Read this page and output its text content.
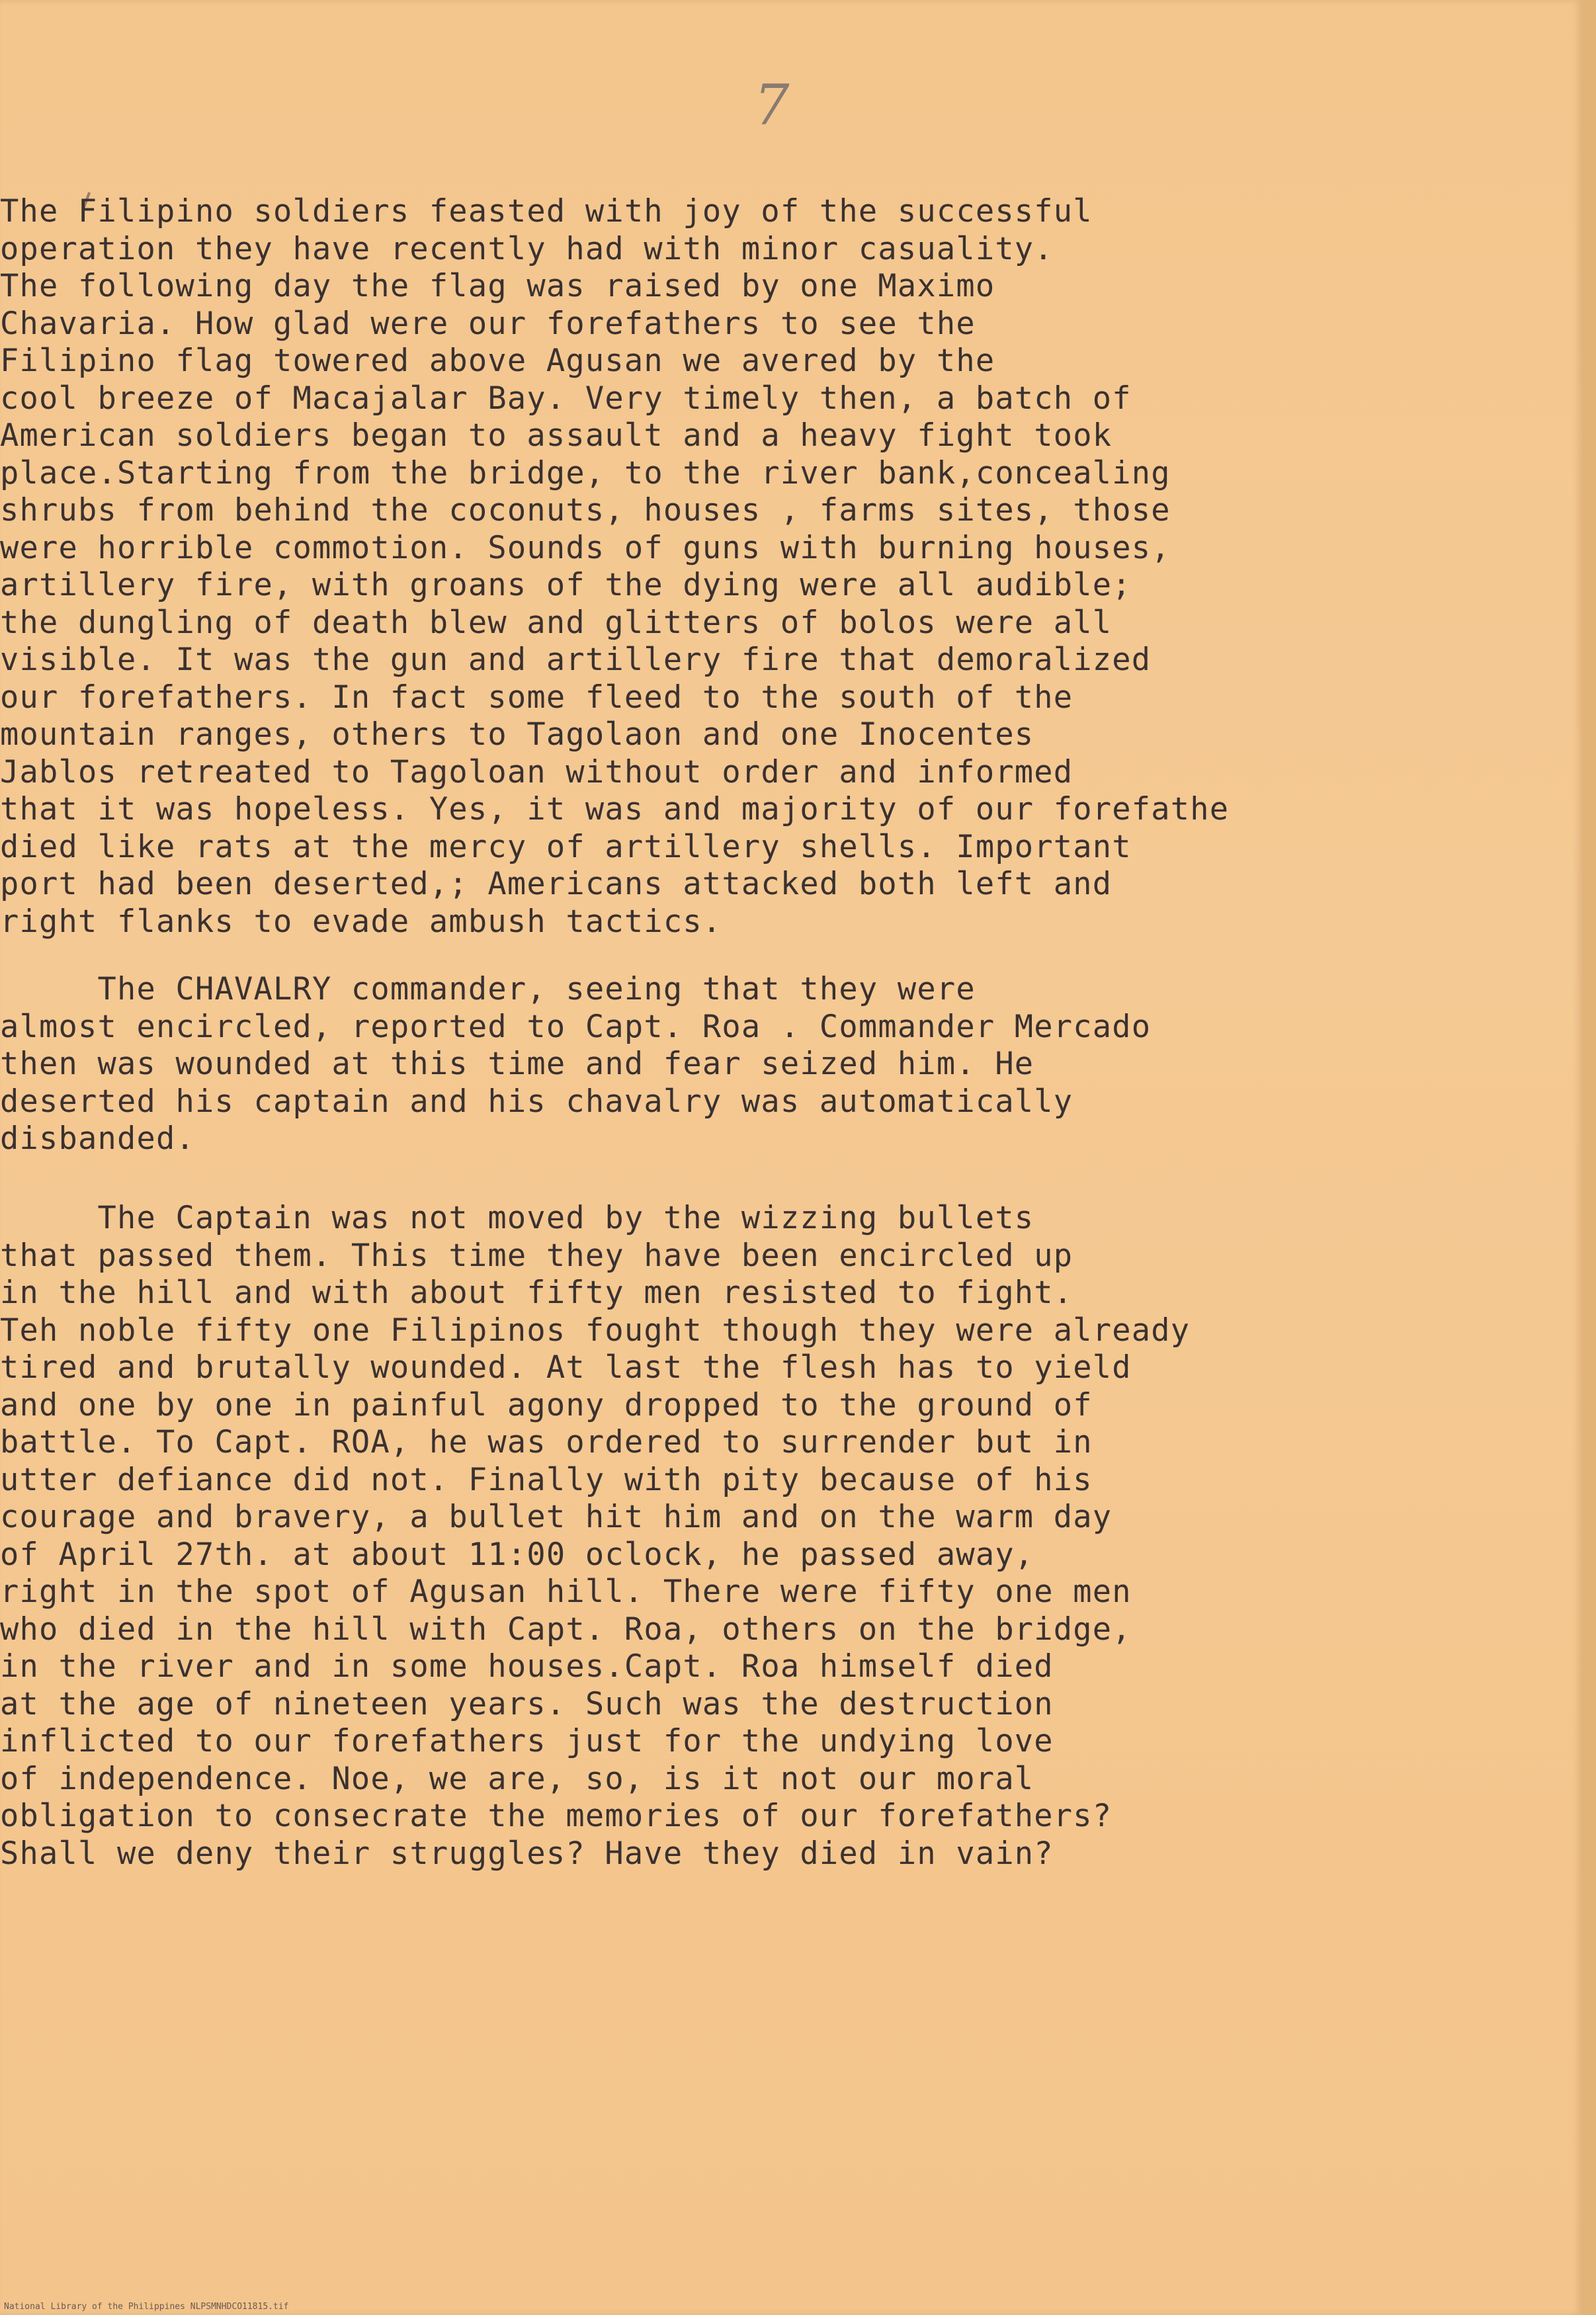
7
The Filipino soldiers feasted with joy of the successful
operation they have recently had with minor casuality.
The following day the flag was raised by one Maximo
Chavaria. How glad were our forefathers to see the
Filipino flag towered above Agusan we avered by the
cool breeze of Macajalar Bay. Very timely then, a batch of
American soldiers began to assault and a heavy fight took
place.Starting from the bridge, to the river bank,concealing
shrubs from behind the coconuts, houses , farms sites, those
were horrible commotion. Sounds of guns with burning houses,
artillery fire, with groans of the dying were all audible;
the dungling of death blew and glitters of bolos were all
visible. It was the gun and artillery fire that demoralized
our forefathers. In fact some fleed to the south of the
mountain ranges, others to Tagolaon and one Inocentes
Jablos retreated to Tagoloan without order and informed
that it was hopeless. Yes, it was and majority of our forefathe
died like rats at the mercy of artillery shells. Important
port had been deserted,; Americans attacked both left and
right flanks to evade ambush tactics.
The CHAVALRY commander, seeing that they were
almost encircled, reported to Capt. Roa . Commander Mercado
then was wounded at this time and fear seized him. He
deserted his captain and his chavalry was automatically
disbanded.
The Captain was not moved by the wizzing bullets
that passed them. This time they have been encircled up
in the hill and with about fifty men resisted to fight.
Teh noble fifty one Filipinos fought though they were already
tired and brutally wounded. At last the flesh has to yield
and one by one in painful agony dropped to the ground of
battle. To Capt. ROA, he was ordered to surrender but in
utter defiance did not. Finally with pity because of his
courage and bravery, a bullet hit him and on the warm day
of April 27th. at about 11:00 oclock, he passed away,
right in the spot of Agusan hill. There were fifty one men
who died in the hill with Capt. Roa, others on the bridge,
in the river and in some houses.Capt. Roa himself died
at the age of nineteen years. Such was the destruction
inflicted to our forefathers just for the undying love
of independence. Noe, we are, so, is it not our moral
obligation to consecrate the memories of our forefathers?
Shall we deny their struggles? Have they died in vain?
National Library of the Philippines NLPSMNHDCO11815.tif
